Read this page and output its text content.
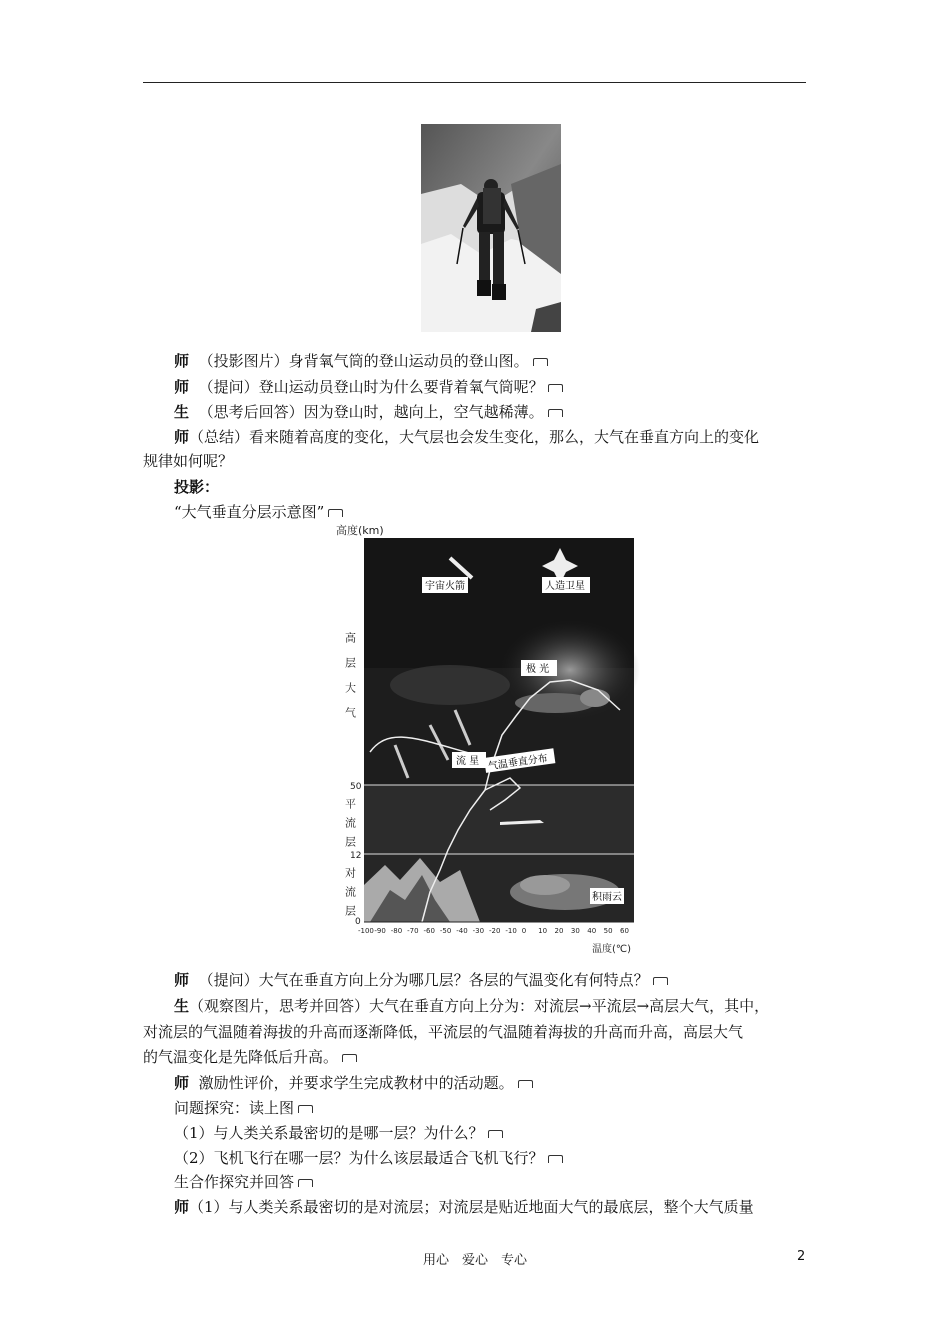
师 （投影图片）身背氧气筒的登山运动员的登山图。
师 （提问）登山运动员登山时为什么要背着氧气筒呢？
生 （思考后回答）因为登山时，越向上，空气越稀薄。
师（总结）看来随着高度的变化，大气层也会发生变化，那么，大气在垂直方向上的变化
规律如何呢？
投影：
“大气垂直分层示意图”
高度(km)
宇宙火箭	人造卫星
极 光
流 星 气温垂直分布
积雨云
高层大气
50
平流层
12
对流层
0
-100 -90 -80 -70 -60 -50 -40 -30 -20 -10 0 10 20 30 40 50 60
温度(℃)
师 （提问）大气在垂直方向上分为哪几层？各层的气温变化有何特点？
生（观察图片，思考并回答）大气在垂直方向上分为：对流层→平流层→高层大气，其中，
对流层的气温随着海拔的升高而逐渐降低，平流层的气温随着海拔的升高而升高，高层大气
的气温变化是先降低后升高。
师 激励性评价，并要求学生完成教材中的活动题。
问题探究：读上图
（1）与人类关系最密切的是哪一层？为什么？
（2）飞机飞行在哪一层？为什么该层最适合飞机飞行？
生合作探究并回答
师（1）与人类关系最密切的是对流层；对流层是贴近地面大气的最底层，整个大气质量
用心　爱心　专心	2
